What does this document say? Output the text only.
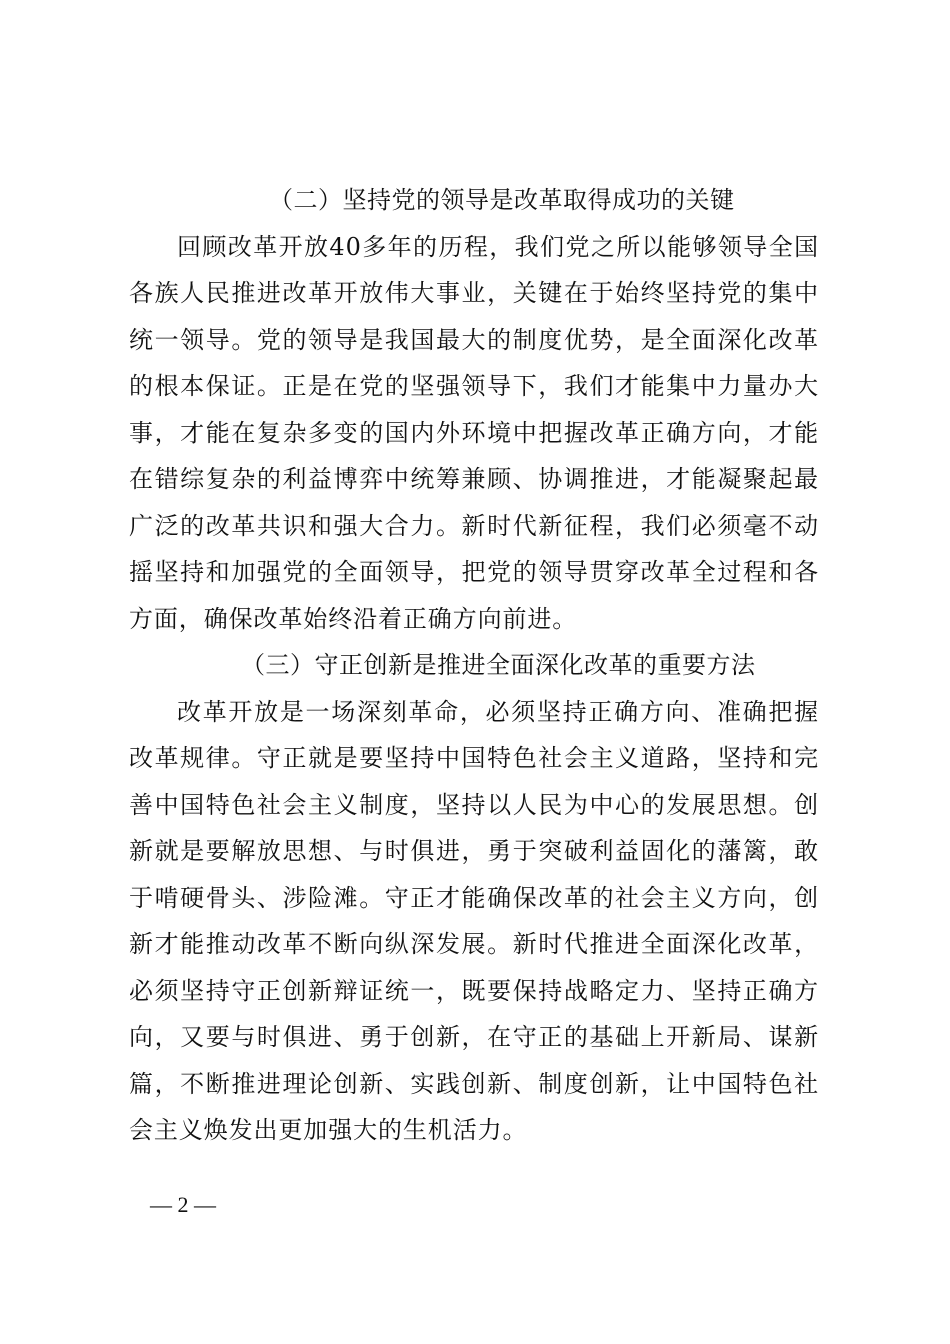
（二）坚持党的领导是改革取得成功的关键

回顾改革开放40多年的历程，我们党之所以能够领导全国各族人民推进改革开放伟大事业，关键在于始终坚持党的集中统一领导。党的领导是我国最大的制度优势，是全面深化改革的根本保证。正是在党的坚强领导下，我们才能集中力量办大事，才能在复杂多变的国内外环境中把握改革正确方向，才能在错综复杂的利益博弈中统筹兼顾、协调推进，才能凝聚起最广泛的改革共识和强大合力。新时代新征程，我们必须毫不动摇坚持和加强党的全面领导，把党的领导贯穿改革全过程和各方面，确保改革始终沿着正确方向前进。

（三）守正创新是推进全面深化改革的重要方法

改革开放是一场深刻革命，必须坚持正确方向、准确把握改革规律。守正就是要坚持中国特色社会主义道路，坚持和完善中国特色社会主义制度，坚持以人民为中心的发展思想。创新就是要解放思想、与时俱进，勇于突破利益固化的藩篱，敢于啃硬骨头、涉险滩。守正才能确保改革的社会主义方向，创新才能推动改革不断向纵深发展。新时代推进全面深化改革，必须坚持守正创新辩证统一，既要保持战略定力、坚持正确方向，又要与时俱进、勇于创新，在守正的基础上开新局、谋新篇，不断推进理论创新、实践创新、制度创新，让中国特色社会主义焕发出更加强大的生机活力。

— 2 —
